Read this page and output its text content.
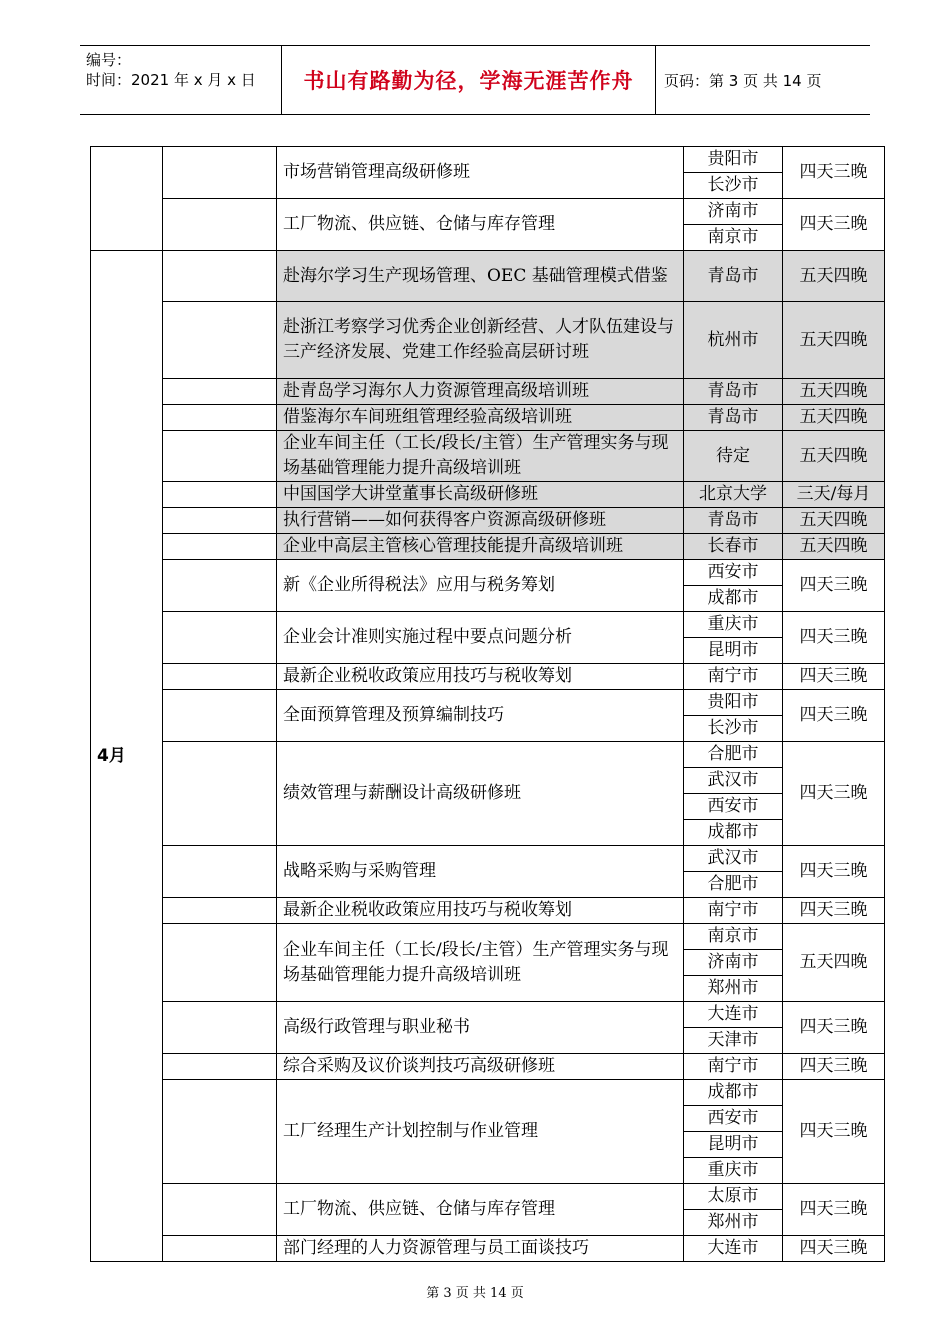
编号：
时间：2021 年 x 月 x 日	书山有路勤为径，学海无涯苦作舟	页码：第 3 页 共 14 页
		市场营销管理高级研修班	贵阳市	四天三晚
			长沙市	
		工厂物流、供应链、仓储与库存管理	济南市	四天三晚
			南京市	
4月		赴海尔学习生产现场管理、OEC 基础管理模式借鉴	青岛市	五天四晚
		赴浙江考察学习优秀企业创新经营、人才队伍建设与三产经济发展、党建工作经验高层研讨班	杭州市	五天四晚
		赴青岛学习海尔人力资源管理高级培训班	青岛市	五天四晚
		借鉴海尔车间班组管理经验高级培训班	青岛市	五天四晚
		企业车间主任（工长/段长/主管）生产管理实务与现场基础管理能力提升高级培训班	待定	五天四晚
		中国国学大讲堂董事长高级研修班	北京大学	三天/每月
		执行营销——如何获得客户资源高级研修班	青岛市	五天四晚
		企业中高层主管核心管理技能提升高级培训班	长春市	五天四晚
		新《企业所得税法》应用与税务筹划	西安市	四天三晚
			成都市	
		企业会计准则实施过程中要点问题分析	重庆市	四天三晚
			昆明市	
		最新企业税收政策应用技巧与税收筹划	南宁市	四天三晚
		全面预算管理及预算编制技巧	贵阳市	四天三晚
			长沙市	
		绩效管理与薪酬设计高级研修班	合肥市	四天三晚
			武汉市	
			西安市	
			成都市	
		战略采购与采购管理	武汉市	四天三晚
			合肥市	
		最新企业税收政策应用技巧与税收筹划	南宁市	四天三晚
		企业车间主任（工长/段长/主管）生产管理实务与现场基础管理能力提升高级培训班	南京市	五天四晚
			济南市	
			郑州市	
		高级行政管理与职业秘书	大连市	四天三晚
			天津市	
		综合采购及议价谈判技巧高级研修班	南宁市	四天三晚
		工厂经理生产计划控制与作业管理	成都市	四天三晚
			西安市	
			昆明市	
			重庆市	
		工厂物流、供应链、仓储与库存管理	太原市	四天三晚
			郑州市	
		部门经理的人力资源管理与员工面谈技巧	大连市	四天三晚
第 3 页 共 14 页
